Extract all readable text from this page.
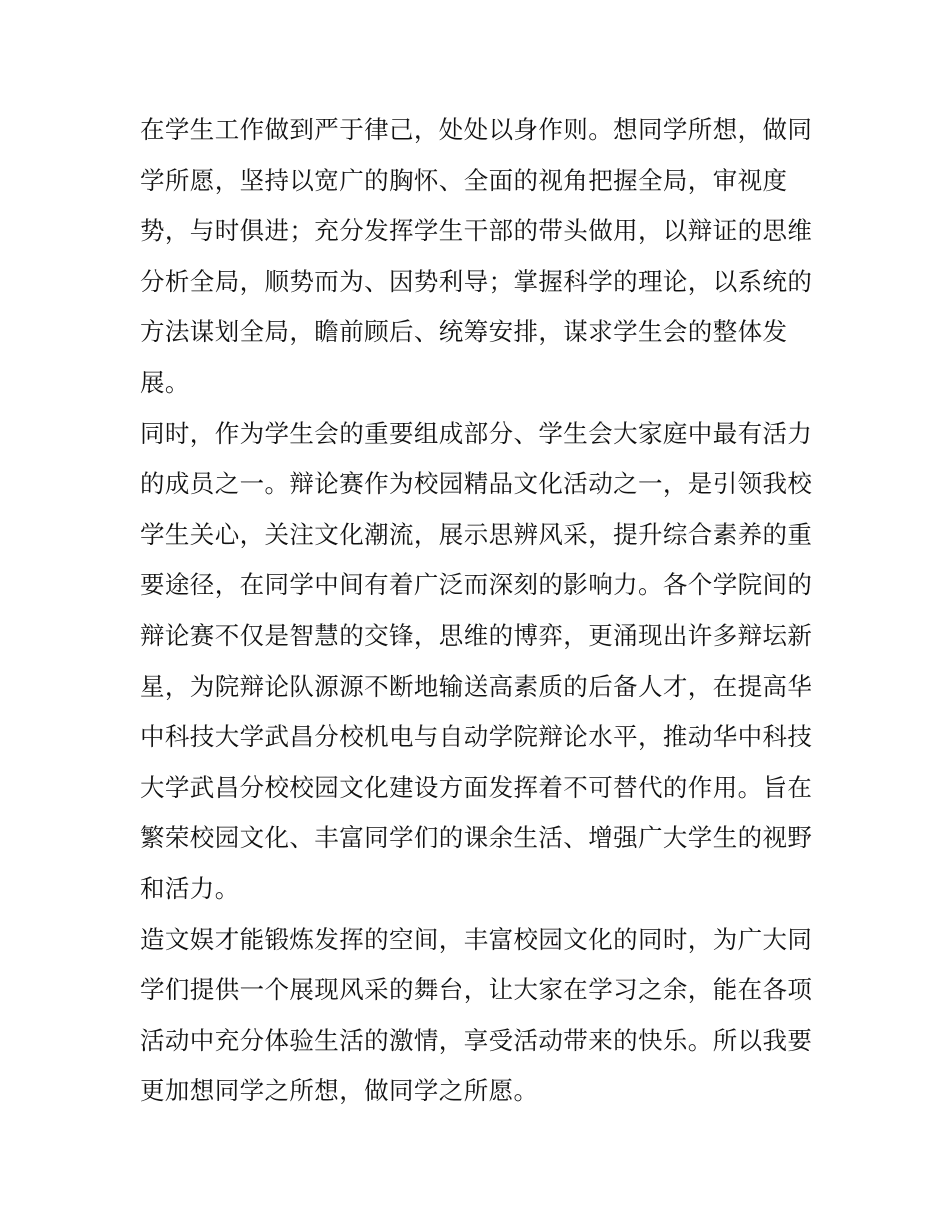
在学生工作做到严于律己，处处以身作则。想同学所想，做同
学所愿，坚持以宽广的胸怀、全面的视角把握全局，审视度
势，与时俱进；充分发挥学生干部的带头做用，以辩证的思维
分析全局，顺势而为、因势利导；掌握科学的理论，以系统的
方法谋划全局，瞻前顾后、统筹安排，谋求学生会的整体发
展。
同时，作为学生会的重要组成部分、学生会大家庭中最有活力
的成员之一。辩论赛作为校园精品文化活动之一，是引领我校
学生关心，关注文化潮流，展示思辨风采，提升综合素养的重
要途径，在同学中间有着广泛而深刻的影响力。各个学院间的
辩论赛不仅是智慧的交锋，思维的博弈，更涌现出许多辩坛新
星，为院辩论队源源不断地输送高素质的后备人才，在提高华
中科技大学武昌分校机电与自动学院辩论水平，推动华中科技
大学武昌分校校园文化建设方面发挥着不可替代的作用。旨在
繁荣校园文化、丰富同学们的课余生活、增强广大学生的视野
和活力。
造文娱才能锻炼发挥的空间，丰富校园文化的同时，为广大同
学们提供一个展现风采的舞台，让大家在学习之余，能在各项
活动中充分体验生活的激情，享受活动带来的快乐。所以我要
更加想同学之所想，做同学之所愿。
